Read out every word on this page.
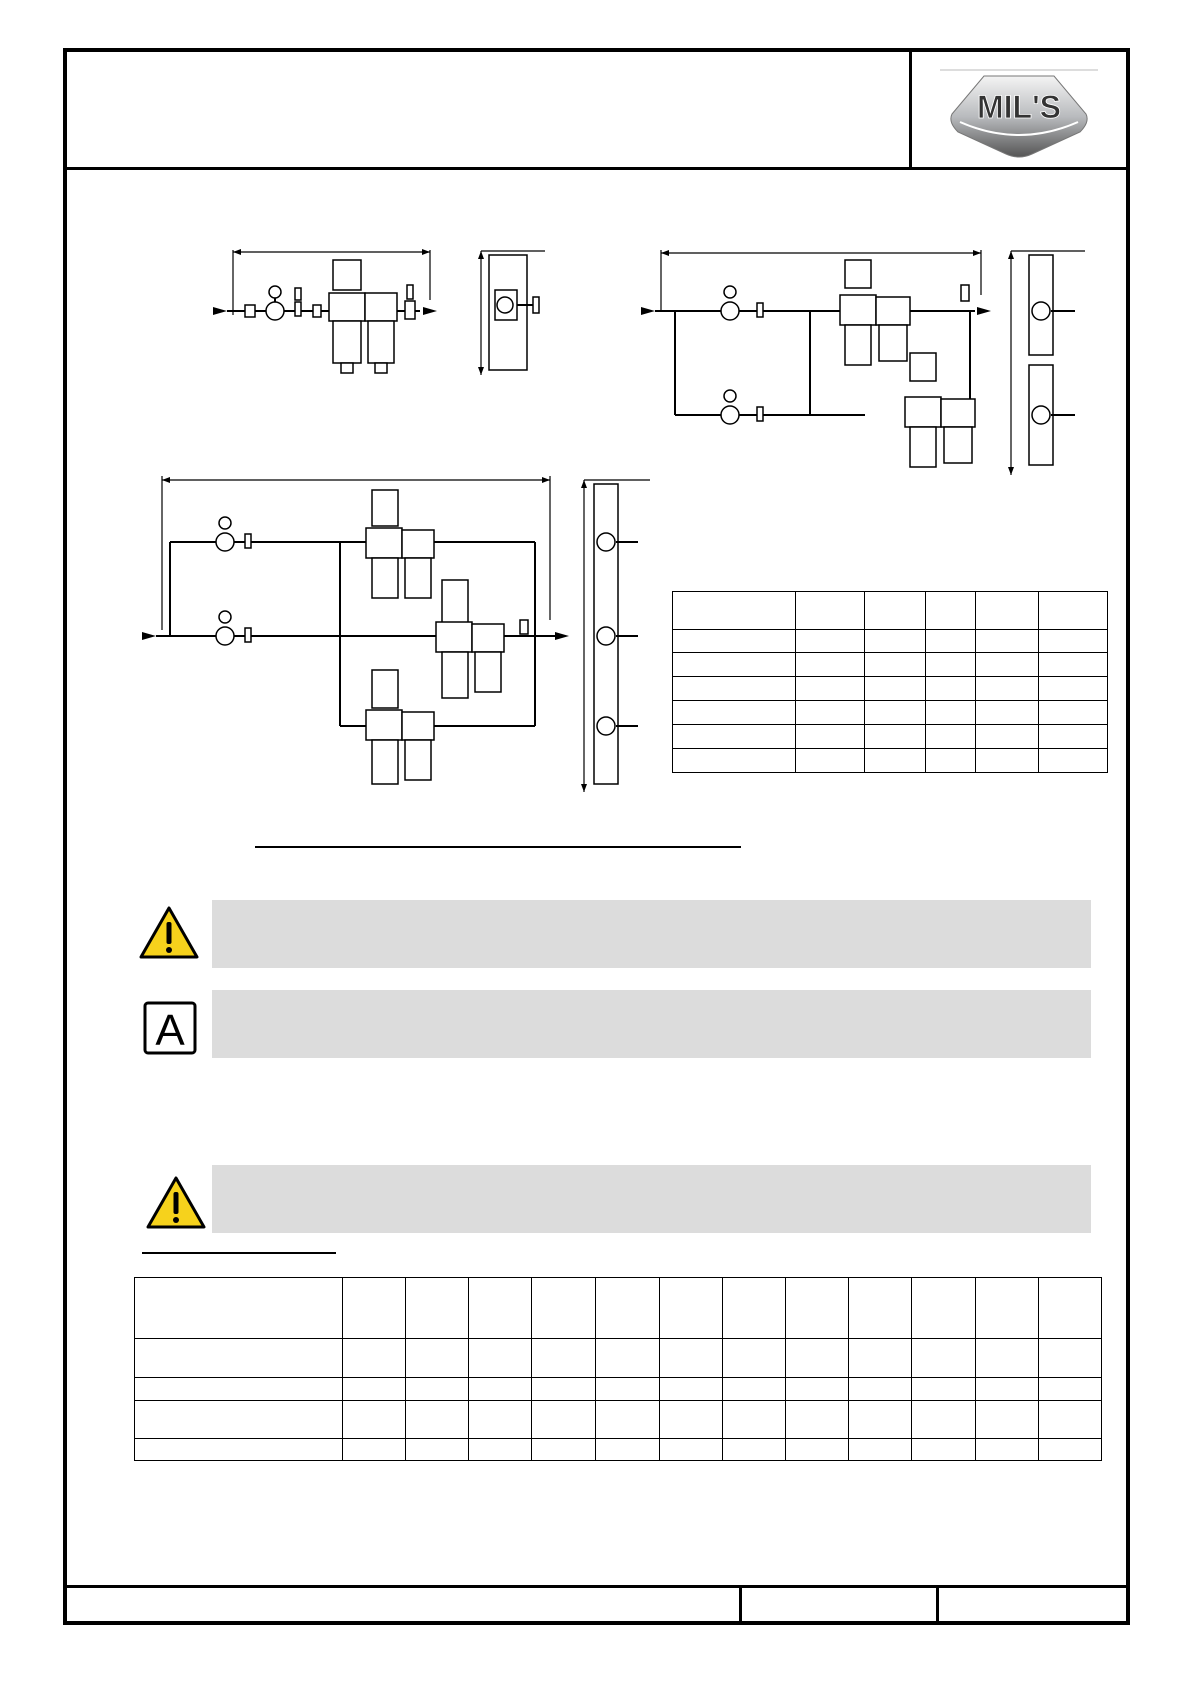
MIL'S

A
